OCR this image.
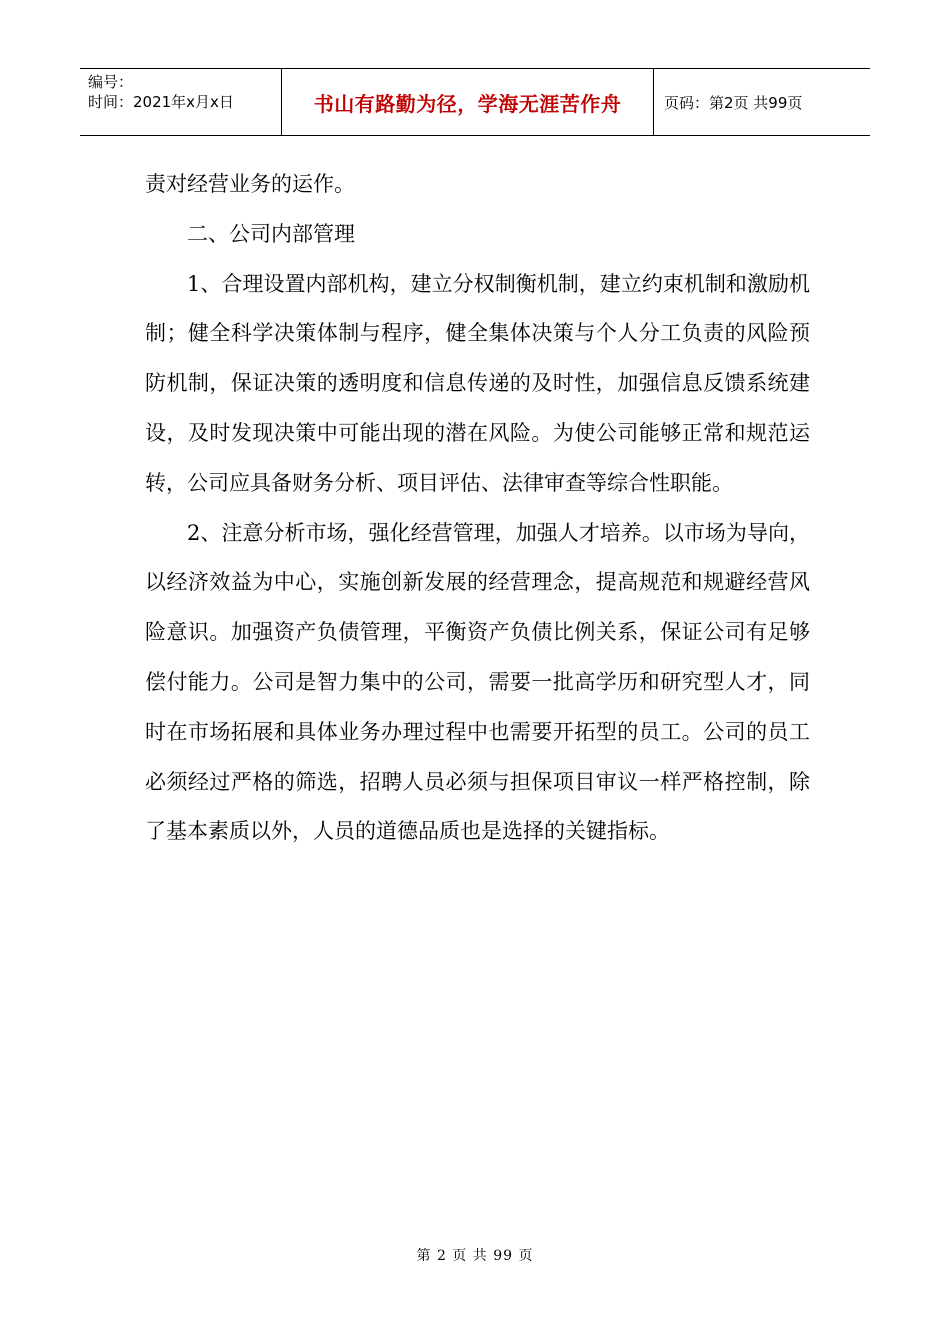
编号：
时间：2021年x月x日	书山有路勤为径，学海无涯苦作舟	页码：第2页 共99页

责对经营业务的运作。

二、公司内部管理

1、合理设置内部机构，建立分权制衡机制，建立约束机制和激励机制；健全科学决策体制与程序，健全集体决策与个人分工负责的风险预防机制，保证决策的透明度和信息传递的及时性，加强信息反馈系统建设，及时发现决策中可能出现的潜在风险。为使公司能够正常和规范运转，公司应具备财务分析、项目评估、法律审查等综合性职能。

2、注意分析市场，强化经营管理，加强人才培养。以市场为导向，以经济效益为中心，实施创新发展的经营理念，提高规范和规避经营风险意识。加强资产负债管理，平衡资产负债比例关系，保证公司有足够偿付能力。公司是智力集中的公司，需要一批高学历和研究型人才，同时在市场拓展和具体业务办理过程中也需要开拓型的员工。公司的员工必须经过严格的筛选，招聘人员必须与担保项目审议一样严格控制，除了基本素质以外，人员的道德品质也是选择的关键指标。

第 2 页 共 99 页
